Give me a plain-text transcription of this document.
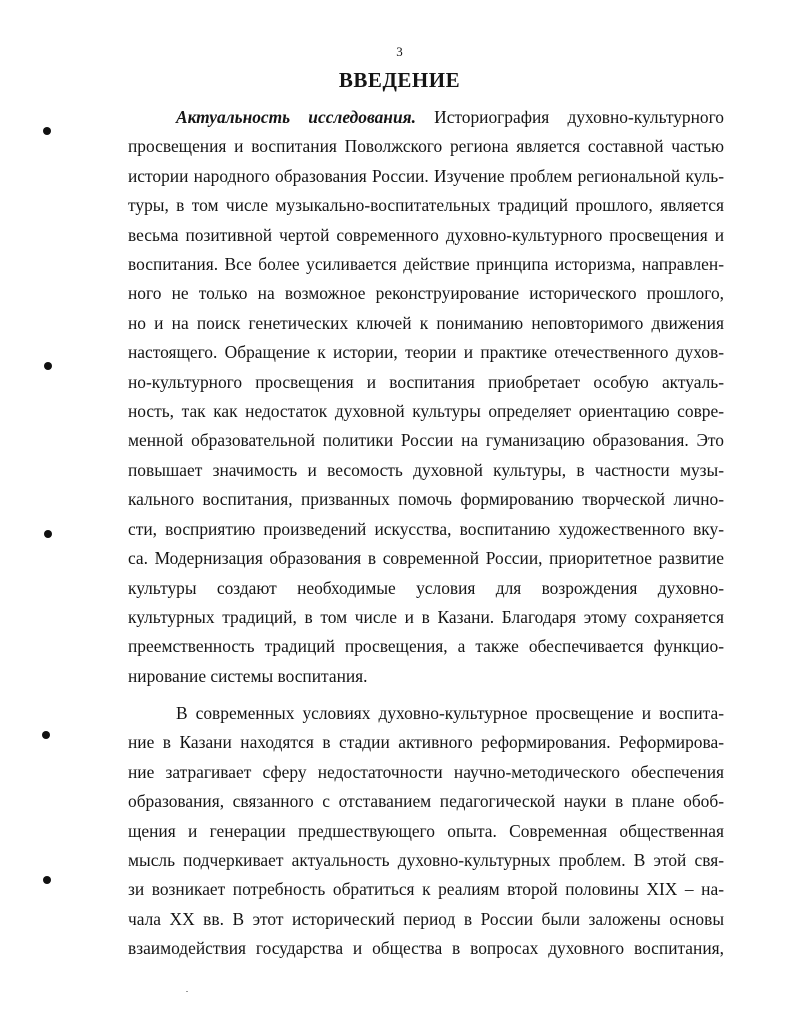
3
ВВЕДЕНИЕ
Актуальность исследования. Историография духовно-культурного
просвещения и воспитания Поволжского региона является составной частью
истории народного образования России. Изучение проблем региональной куль-
туры, в том числе музыкально-воспитательных традиций прошлого, является
весьма позитивной чертой современного духовно-культурного просвещения и
воспитания. Все более усиливается действие принципа историзма, направлен-
ного не только на возможное реконструирование исторического прошлого,
но и на поиск генетических ключей к пониманию неповторимого движения
настоящего. Обращение к истории, теории и практике отечественного духов-
но-культурного просвещения и воспитания приобретает особую актуаль-
ность, так как недостаток духовной культуры определяет ориентацию совре-
менной образовательной политики России на гуманизацию образования. Это
повышает значимость и весомость духовной культуры, в частности музы-
кального воспитания, призванных помочь формированию творческой лично-
сти, восприятию произведений искусства, воспитанию художественного вку-
са. Модернизация образования в современной России, приоритетное развитие
культуры создают необходимые условия для возрождения духовно-
культурных традиций, в том числе и в Казани. Благодаря этому сохраняется
преемственность традиций просвещения, а также обеспечивается функцио-
нирование системы воспитания.
В современных условиях духовно-культурное просвещение и воспита-
ние в Казани находятся в стадии активного реформирования. Реформирова-
ние затрагивает сферу недостаточности научно-методического обеспечения
образования, связанного с отставанием педагогической науки в плане обоб-
щения и генерации предшествующего опыта. Современная общественная
мысль подчеркивает актуальность духовно-культурных проблем. В этой свя-
зи возникает потребность обратиться к реалиям второй половины XIX – на-
чала XX вв. В этот исторический период в России были заложены основы
взаимодействия государства и общества в вопросах духовного воспитания,
